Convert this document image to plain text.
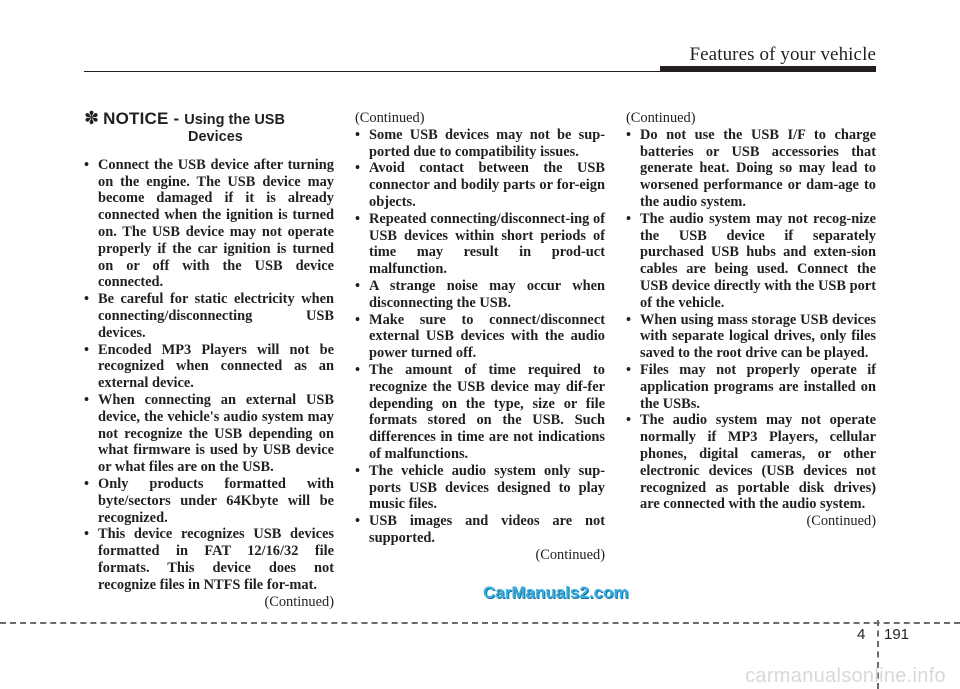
Features of your vehicle
✽ NOTICE - Using the USB
Devices
• Connect the USB device after turning on the engine. The USB device may become damaged if it is already connected when the ignition is turned on. The USB device may not operate properly if the car ignition is turned on or off with the USB device connected.
• Be careful for static electricity when connecting/disconnecting USB devices.
• Encoded MP3 Players will not be recognized when connected as an external device.
• When connecting an external USB device, the vehicle's audio system may not recognize the USB depending on what firmware is used by USB device or what files are on the USB.
• Only products formatted with byte/sectors under 64Kbyte will be recognized.
• This device recognizes USB devices formatted in FAT 12/16/32 file formats. This device does not recognize files in NTFS file for-mat.
(Continued)
(Continued)
• Some USB devices may not be sup-ported due to compatibility issues.
• Avoid contact between the USB connector and bodily parts or for-eign objects.
• Repeated connecting/disconnect-ing of USB devices within short periods of time may result in prod-uct malfunction.
• A strange noise may occur when disconnecting the USB.
• Make sure to connect/disconnect external USB devices with the audio power turned off.
• The amount of time required to recognize the USB device may dif-fer depending on the type, size or file formats stored on the USB. Such differences in time are not indications of malfunctions.
• The vehicle audio system only sup-ports USB devices designed to play music files.
• USB images and videos are not supported.
(Continued)
(Continued)
• Do not use the USB I/F to charge batteries or USB accessories that generate heat. Doing so may lead to worsened performance or dam-age to the audio system.
• The audio system may not recog-nize the USB device if separately purchased USB hubs and exten-sion cables are being used. Connect the USB device directly with the USB port of the vehicle.
• When using mass storage USB devices with separate logical drives, only files saved to the root drive can be played.
• Files may not properly operate if application programs are installed on the USBs.
• The audio system may not operate normally if MP3 Players, cellular phones, digital cameras, or other electronic devices (USB devices not recognized as portable disk drives) are connected with the audio system.
(Continued)
CarManuals2.com
4 191
carmanualsonline.info
